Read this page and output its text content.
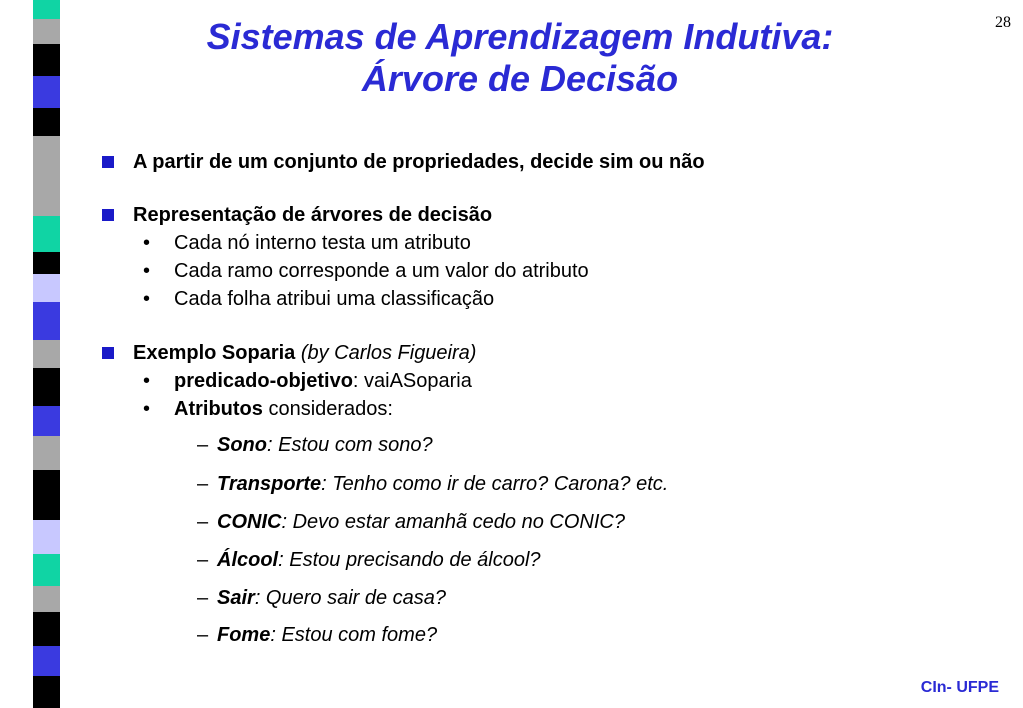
28
Sistemas de Aprendizagem Indutiva:
Árvore de Decisão
A partir de um conjunto de propriedades, decide sim ou não
Representação de árvores de decisão
• Cada nó interno testa um atributo
• Cada ramo corresponde a um valor do atributo
• Cada folha atribui uma classificação
Exemplo Soparia (by Carlos Figueira)
• predicado-objetivo: vaiASoparia
• Atributos considerados:
– Sono: Estou com sono?
– Transporte: Tenho como ir de carro? Carona? etc.
– CONIC: Devo estar amanhã cedo no CONIC?
– Álcool: Estou precisando de álcool?
– Sair: Quero sair de casa?
– Fome: Estou com fome?
CIn- UFPE
